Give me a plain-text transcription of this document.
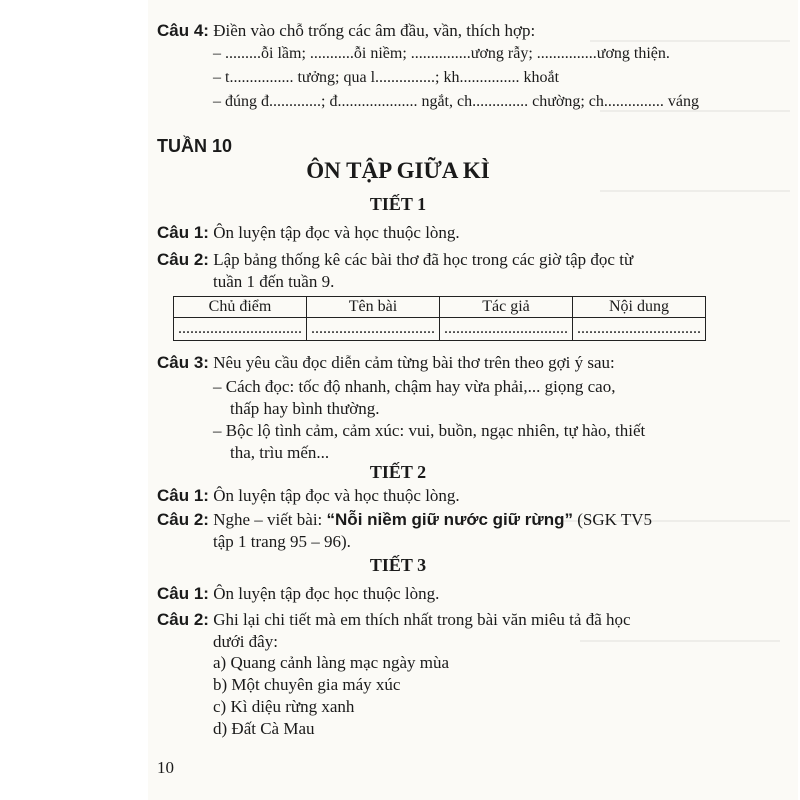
Câu 4: Điền vào chỗ trống các âm đầu, vần, thích hợp:
– .........ỗi lầm; ...........ỗi niềm; ...............ương rẫy; ...............ương thiện.
– t................ tưởng; qua l...............; kh............... khoắt
– đúng đ.............; đ.................... ngắt, ch.............. chường; ch............... váng
TUẦN 10
ÔN TẬP GIỮA KÌ
TIẾT 1
Câu 1: Ôn luyện tập đọc và học thuộc lòng.
Câu 2: Lập bảng thống kê các bài thơ đã học trong các giờ tập đọc từ
tuần 1 đến tuần 9.
Chủ điểm	Tên bài	Tác giả	Nội dung
...............................	...............................	...............................	...............................
Câu 3: Nêu yêu cầu đọc diễn cảm từng bài thơ trên theo gợi ý sau:
– Cách đọc: tốc độ nhanh, chậm hay vừa phải,... giọng cao,
thấp hay bình thường.
– Bộc lộ tình cảm, cảm xúc: vui, buồn, ngạc nhiên, tự hào, thiết
tha, trìu mến...
TIẾT 2
Câu 1: Ôn luyện tập đọc và học thuộc lòng.
Câu 2: Nghe – viết bài: “Nỗi niềm giữ nước giữ rừng” (SGK TV5
tập 1 trang 95 – 96).
TIẾT 3
Câu 1: Ôn luyện tập đọc học thuộc lòng.
Câu 2: Ghi lại chi tiết mà em thích nhất trong bài văn miêu tả đã học
dưới đây:
a) Quang cảnh làng mạc ngày mùa
b) Một chuyên gia máy xúc
c) Kì diệu rừng xanh
d) Đất Cà Mau
10
